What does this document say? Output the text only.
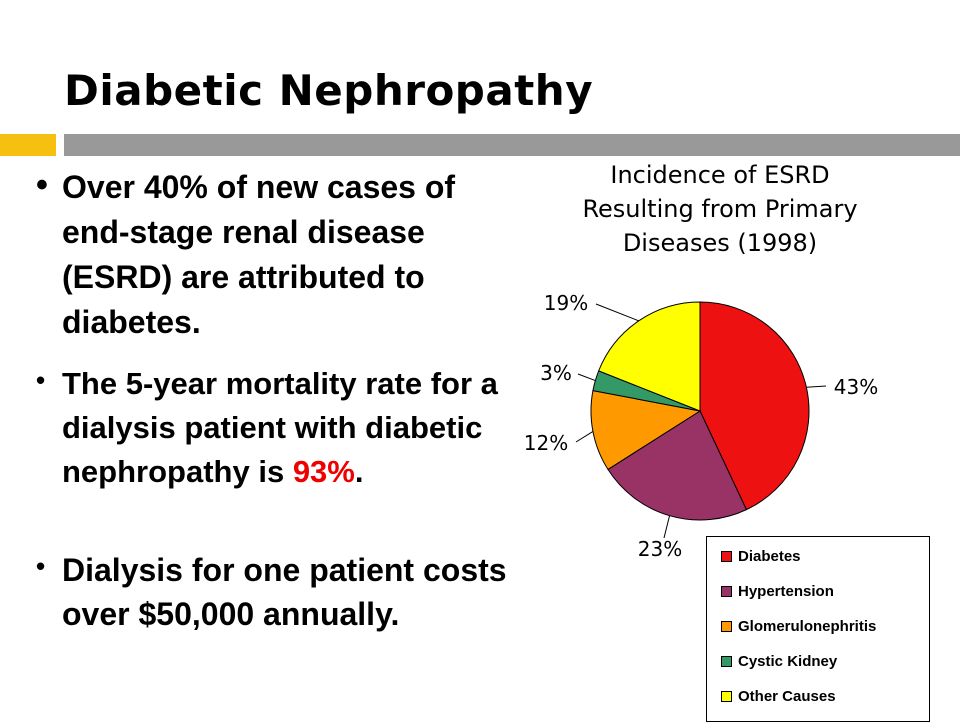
Diabetic Nephropathy
• Over 40% of new cases of end-stage renal disease (ESRD) are attributed to diabetes.
• The 5-year mortality rate for a dialysis patient with diabetic nephropathy is 93%.
• Dialysis for one patient costs over $50,000 annually.
Incidence of ESRD
Resulting from Primary
Diseases (1998)
43%
23%
12%
3%
19%
Diabetes
Hypertension
Glomerulonephritis
Cystic Kidney
Other Causes
